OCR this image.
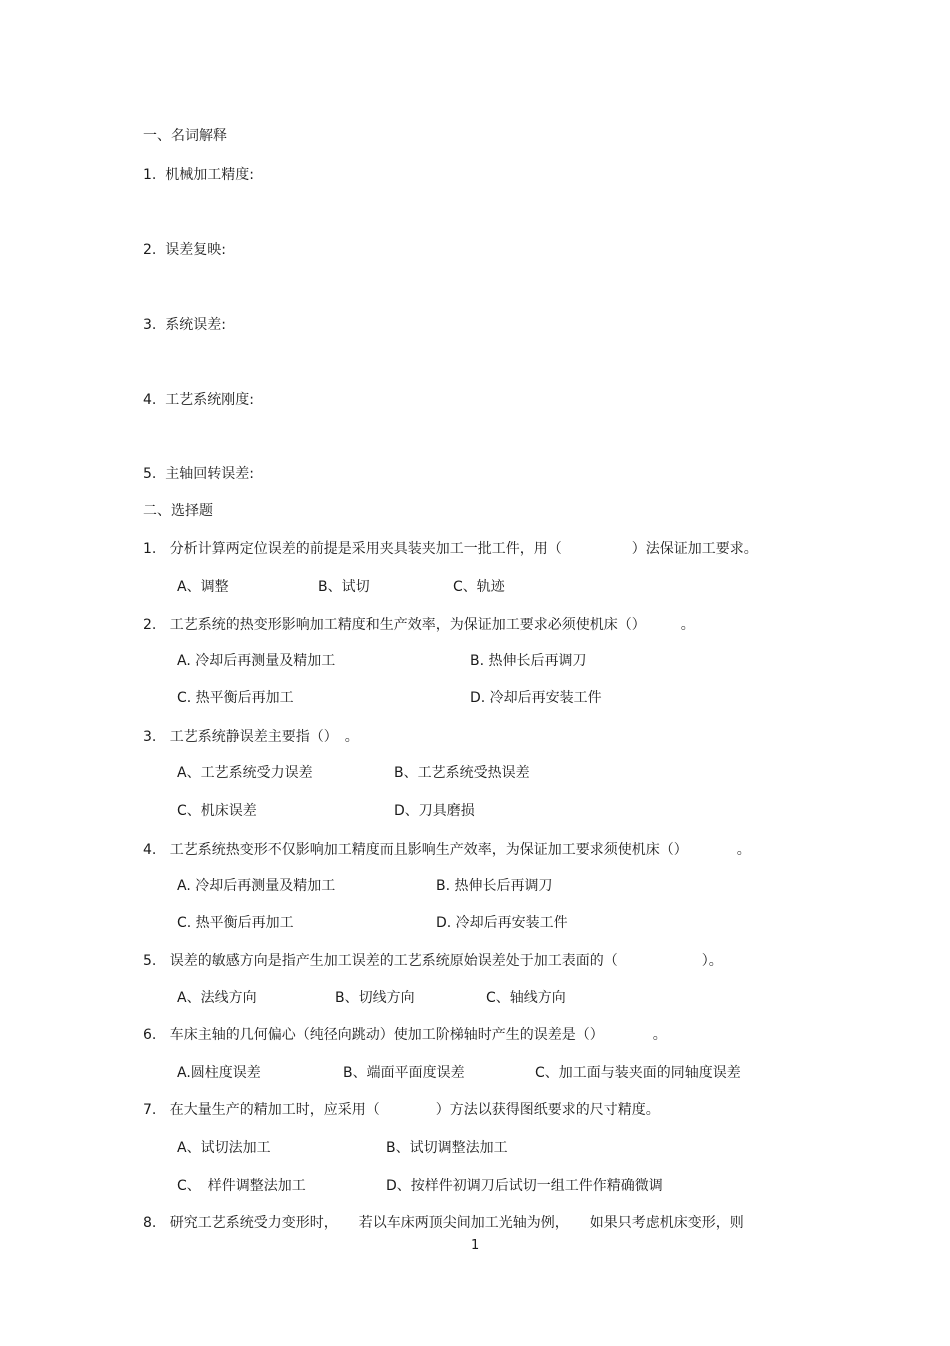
一、名词解释
1. 机械加工精度:
2. 误差复映:
3. 系统误差:
4. 工艺系统刚度:
5. 主轴回转误差:
二、选择题
1. 分析计算两定位误差的前提是采用夹具装夹加工一批工件，用（　　　　　）法保证加工要求。
A、调整	B、试切	C、轨迹
2. 工艺系统的热变形影响加工精度和生产效率，为保证加工要求必须使机床（）　　　。
A. 冷却后再测量及精加工	B. 热伸长后再调刀
C. 热平衡后再加工	D. 冷却后再安装工件
3. 工艺系统静误差主要指（）　。
A、工艺系统受力误差	B、工艺系统受热误差
C、机床误差	D、刀具磨损
4. 工艺系统热变形不仅影响加工精度而且影响生产效率，为保证加工要求须使机床（）　　　　。
A. 冷却后再测量及精加工	B. 热伸长后再调刀
C. 热平衡后再加工	D. 冷却后再安装工件
5. 误差的敏感方向是指产生加工误差的工艺系统原始误差处于加工表面的（　　　　　　）。
A、法线方向	B、切线方向	C、轴线方向
6. 车床主轴的几何偏心（纯径向跳动）使加工阶梯轴时产生的误差是（）　　　　。
A.圆柱度误差	B、端面平面度误差	C、加工面与装夹面的同轴度误差
7. 在大量生产的精加工时，应采用（　　　　）方法以获得图纸要求的尺寸精度。
A、试切法加工	B、试切调整法加工
C、　样件调整法加工	D、按样件初调刀后试切一组工件作精确微调
8. 研究工艺系统受力变形时，　　若以车床两顶尖间加工光轴为例，　　如果只考虑机床变形，则
1
